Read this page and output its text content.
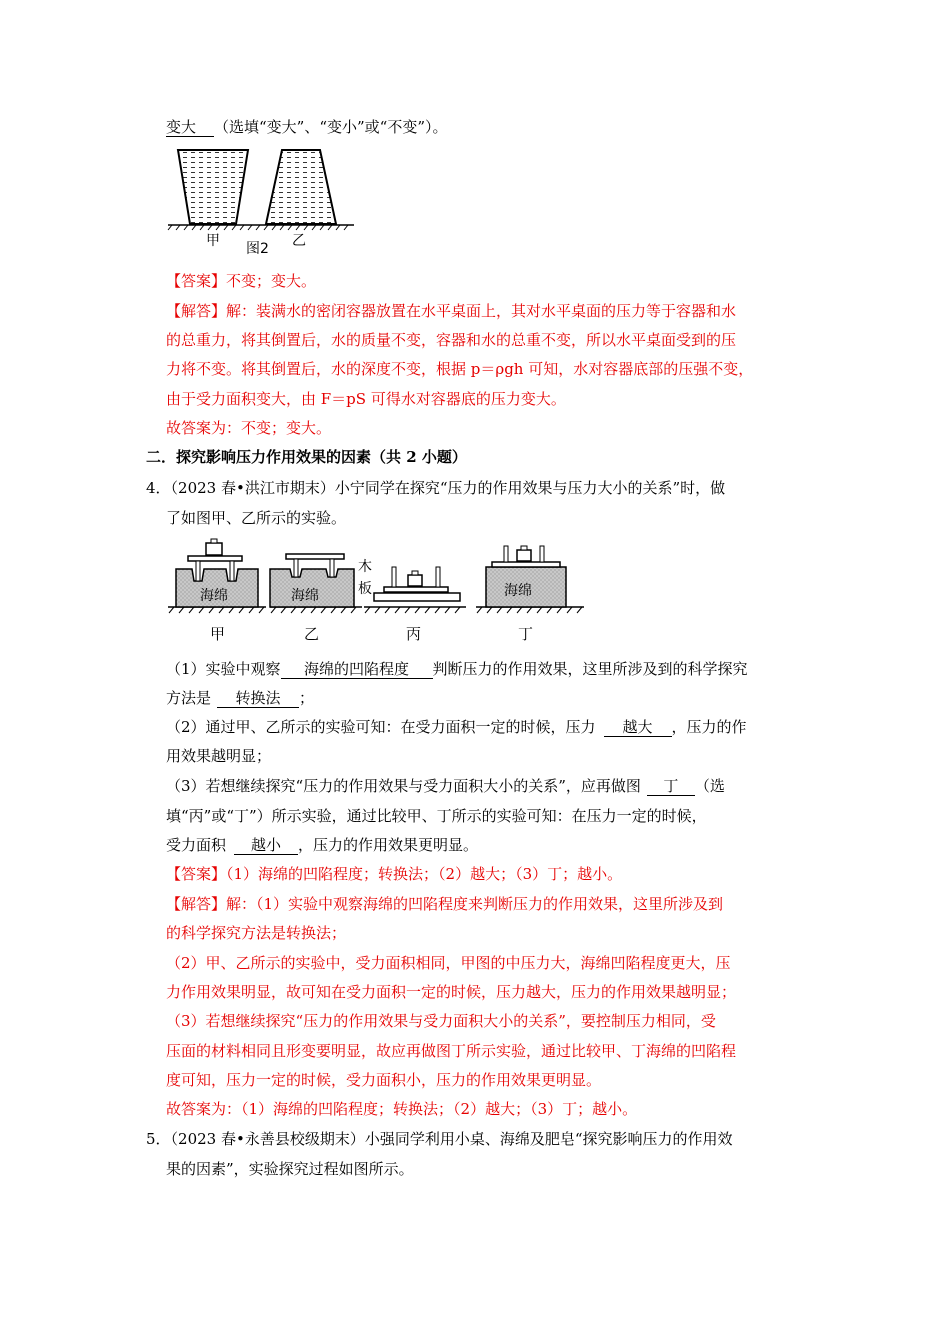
变大 （选填“变大”、“变小”或“不变”）。
甲 图2 乙
【答案】不变；变大。
【解答】解：装满水的密闭容器放置在水平桌面上，其对水平桌面的压力等于容器和水
的总重力，将其倒置后，水的质量不变，容器和水的总重不变，所以水平桌面受到的压
力将不变。将其倒置后，水的深度不变，根据 p＝ρgh 可知，水对容器底部的压强不变，
由于受力面积变大，由 F＝pS 可得水对容器底的压力变大。
故答案为：不变；变大。
二．探究影响压力作用效果的因素（共 2 小题）
4．（2023 春•洪江市期末）小宁同学在探究“压力的作用效果与压力大小的关系”时，做
了如图甲、乙所示的实验。
海绵	海绵
木
板	海绵
甲	乙	丙	丁
（1）实验中观察 海绵的凹陷程度 判断压力的作用效果，这里所涉及到的科学探究
方法是 转换法 ；
（2）通过甲、乙所示的实验可知：在受力面积一定的时候，压力 越大 ，压力的作
用效果越明显；
（3）若想继续探究“压力的作用效果与受力面积大小的关系”，应再做图 丁 （选
填“丙”或“丁”）所示实验，通过比较甲、丁所示的实验可知：在压力一定的时候，
受力面积 越小 ，压力的作用效果更明显。
【答案】（1）海绵的凹陷程度；转换法；（2）越大；（3）丁；越小。
【解答】解：（1）实验中观察海绵的凹陷程度来判断压力的作用效果，这里所涉及到
的科学探究方法是转换法；
（2）甲、乙所示的实验中，受力面积相同，甲图的中压力大，海绵凹陷程度更大，压
力作用效果明显，故可知在受力面积一定的时候，压力越大，压力的作用效果越明显；
（3）若想继续探究“压力的作用效果与受力面积大小的关系”，要控制压力相同，受
压面的材料相同且形变要明显，故应再做图丁所示实验，通过比较甲、丁海绵的凹陷程
度可知，压力一定的时候，受力面积小，压力的作用效果更明显。
故答案为：（1）海绵的凹陷程度；转换法；（2）越大；（3）丁；越小。
5．（2023 春•永善县校级期末）小强同学利用小桌、海绵及肥皂“探究影响压力的作用效
果的因素”，实验探究过程如图所示。
